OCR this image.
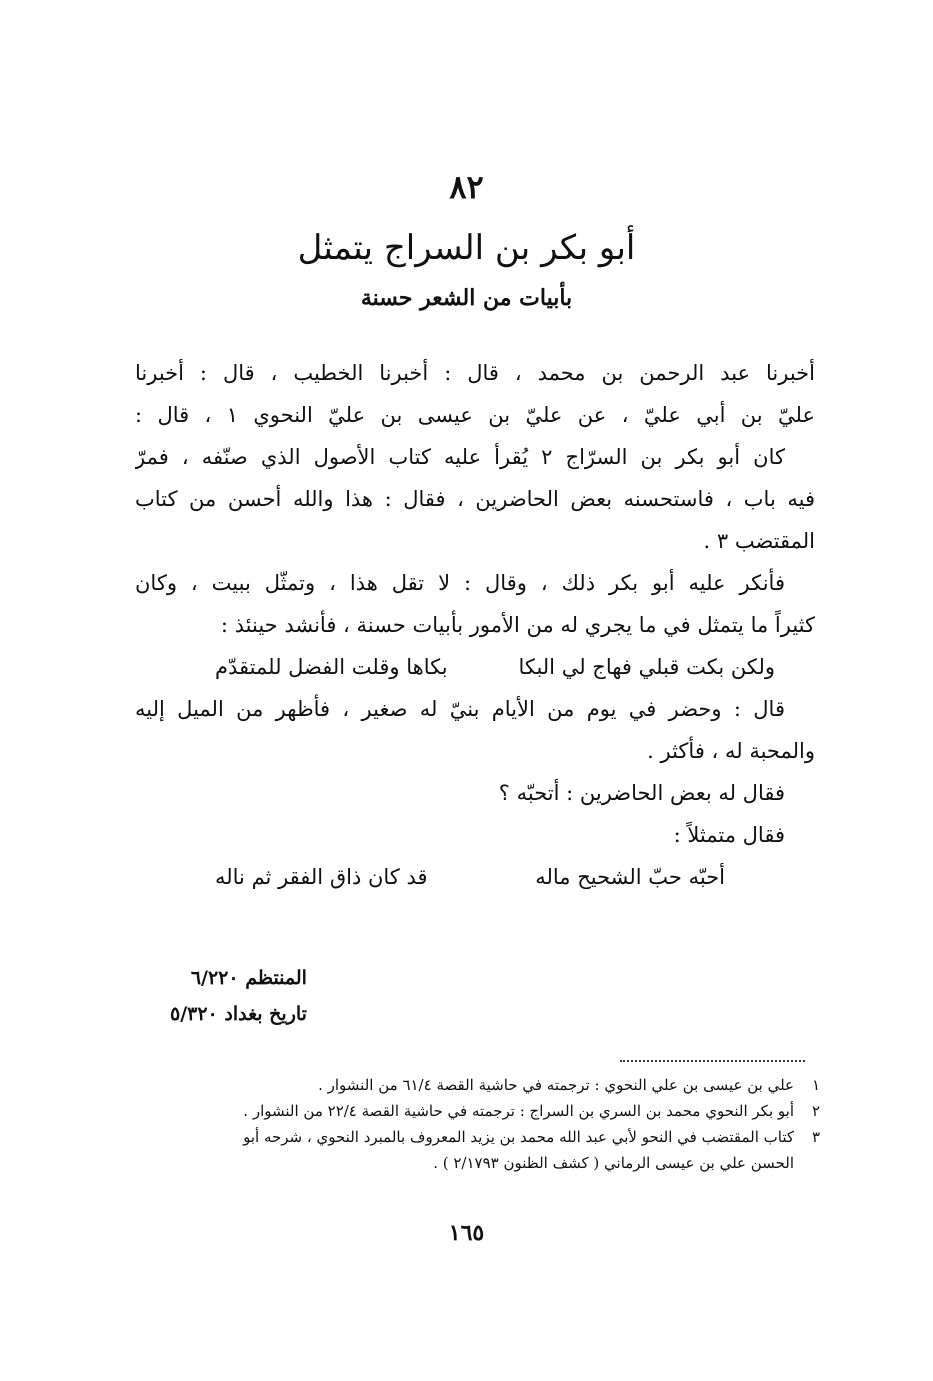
٨٢
أبو بكر بن السراج يتمثل
بأبيات من الشعر حسنة
أخبرنا عبد الرحمن بن محمد ، قال : أخبرنا الخطيب ، قال : أخبرنا
عليّ بن أبي عليّ ، عن عليّ بن عيسى بن عليّ النحوي ١ ، قال :
كان أبو بكر بن السرّاج ٢ يُقرأ عليه كتاب الأصول الذي صنّفه ، فمرّ
فيه باب ، فاستحسنه بعض الحاضرين ، فقال : هذا والله أحسن من كتاب
المقتضب ٣ .
فأنكر عليه أبو بكر ذلك ، وقال : لا تقل هذا ، وتمثّل ببيت ، وكان
كثيراً ما يتمثل في ما يجري له من الأمور بأبيات حسنة ، فأنشد حينئذ :
ولكن بكت قبلي فهاج لي البكا
بكاها وقلت الفضل للمتقدّم
قال : وحضر في يوم من الأيام بنيّ له صغير ، فأظهر من الميل إليه
والمحبة له ، فأكثر .
فقال له بعض الحاضرين : أتحبّه ؟
فقال متمثلاً :
أحبّه حبّ الشحيح ماله
قد كان ذاق الفقر ثم ناله
المنتظم ٦/٢٢٠
تاريخ بغداد ٥/٣٢٠
١علي بن عيسى بن علي النحوي : ترجمته في حاشية القصة ٦١/٤ من النشوار .
٢أبو بكر النحوي محمد بن السري بن السراج : ترجمته في حاشية القصة ٢٢/٤ من النشوار .
٣كتاب المقتضب في النحو لأبي عبد الله محمد بن يزيد المعروف بالمبرد النحوي ، شرحه أبو
الحسن علي بن عيسى الرماني ( كشف الظنون ٢/١٧٩٣ ) .
١٦٥
